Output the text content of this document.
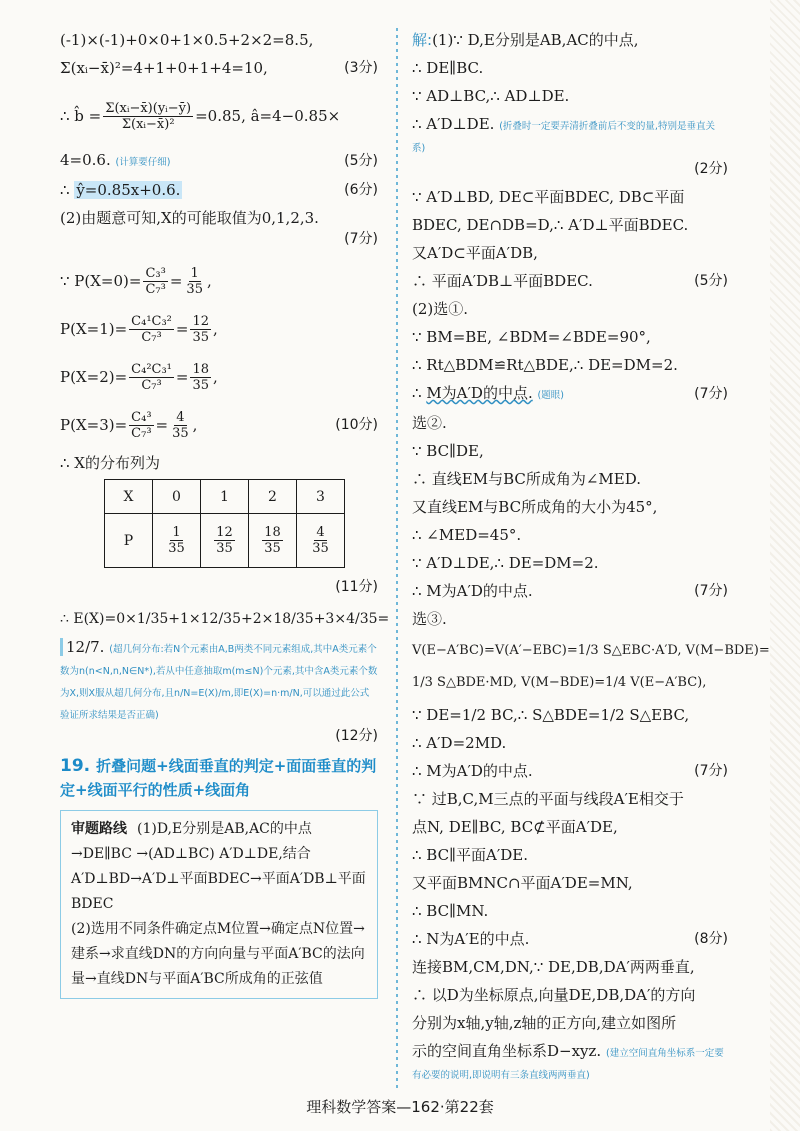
(-1)×(-1)+0×0+1×0.5+2×2=8.5,
Σ(xᵢ−x̄)²=4+1+0+1+4=10,	(3分)
∴ b̂ = $\frac{\text{Σ(xᵢ−x̄)(yᵢ−ȳ)}}{\text{Σ(xᵢ−x̄)²}} =0.85$, â=4−0.85×
4=0.6. (计算要仔细)	(5分)
∴ ŷ=0.85x+0.6.	(6分)
(2)由题意可知,X的可能取值为0,1,2,3.
(7分)
∵ $P(X=0)= \frac{\text{C₃³}}{\text{C₇³}} = \frac{1}{35}$ ,
$P(X=1)= \frac{\text{C₄¹C₃²}}{\text{C₇³}} = \frac{12}{35}$ ,
$P(X=2)= \frac{\text{C₄²C₃¹}}{\text{C₇³}} = \frac{18}{35}$ ,
$P(X=3)= \frac{\text{C₄³}}{\text{C₇³}} = \frac{4}{35}$ ,	(10分)
∴ X的分布列为
X	0	1	2	3
P	$\frac{1}{35}$	$\frac{12}{35}$	$\frac{18}{35}$	$\frac{4}{35}$
(11分)
∴ E(X)=0×1/35+1×12/35+2×18/35+3×4/35=
12/7. (超几何分布:若N个元素由A,B两类不同元素组成,其中A类元素个数为n(n<N,n,N∈N*),若从中任意抽取m(m≤N)个元素,其中含A类元素个数为X,则X服从超几何分布,且n/N=E(X)/m,即E(X)=n·m/N,可以通过此公式验证所求结果是否正确)
(12分)
19. 折叠问题+线面垂直的判定+面面垂直的判定+线面平行的性质+线面角
审题路线 (1)D,E分别是AB,AC的中点→DE∥BC →(AD⊥BC) A′D⊥DE,结合A′D⊥BD→A′D⊥平面BDEC→平面A′DB⊥平面BDEC
(2)选用不同条件确定点M位置→确定点N位置→建系→求直线DN的方向向量与平面A′BC的法向量→直线DN与平面A′BC所成角的正弦值
解:(1)∵ D,E分别是AB,AC的中点,
∴ DE∥BC.
∵ AD⊥BC,∴ AD⊥DE.
∴ A′D⊥DE. (折叠时一定要弄清折叠前后不变的量,特别是垂直关系)
(2分)
∵ A′D⊥BD, DE⊂平面BDEC, DB⊂平面
BDEC, DE∩DB=D,∴ A′D⊥平面BDEC.
又A′D⊂平面A′DB,
∴ 平面A′DB⊥平面BDEC.	(5分)
(2)选①.
∵ BM=BE, ∠BDM=∠BDE=90°,
∴ Rt△BDM≌Rt△BDE,∴ DE=DM=2.
∴ M为A′D的中点. (题眼)	(7分)
选②.
∵ BC∥DE,
∴ 直线EM与BC所成角为∠MED.
又直线EM与BC所成角的大小为45°,
∴ ∠MED=45°.
∵ A′D⊥DE,∴ DE=DM=2.
∴ M为A′D的中点.	(7分)
选③.
V(E−A′BC)=V(A′−EBC)=1/3 S△EBC·A′D, V(M−BDE)=
1/3 S△BDE·MD, V(M−BDE)=1/4 V(E−A′BC),
∵ DE=1/2 BC,∴ S△BDE=1/2 S△EBC,
∴ A′D=2MD.
∴ M为A′D的中点.	(7分)
∵ 过B,C,M三点的平面与线段A′E相交于
点N, DE∥BC, BC⊄平面A′DE,
∴ BC∥平面A′DE.
又平面BMNC∩平面A′DE=MN,
∴ BC∥MN.
∴ N为A′E的中点.	(8分)
连接BM,CM,DN,∵ DE,DB,DA′两两垂直,
∴ 以D为坐标原点,向量DE,DB,DA′的方向
分别为x轴,y轴,z轴的正方向,建立如图所
示的空间直角坐标系D−xyz. (建立空间直角坐标系一定要有必要的说明,即说明有三条直线两两垂直)
理科数学答案—162·第22套
